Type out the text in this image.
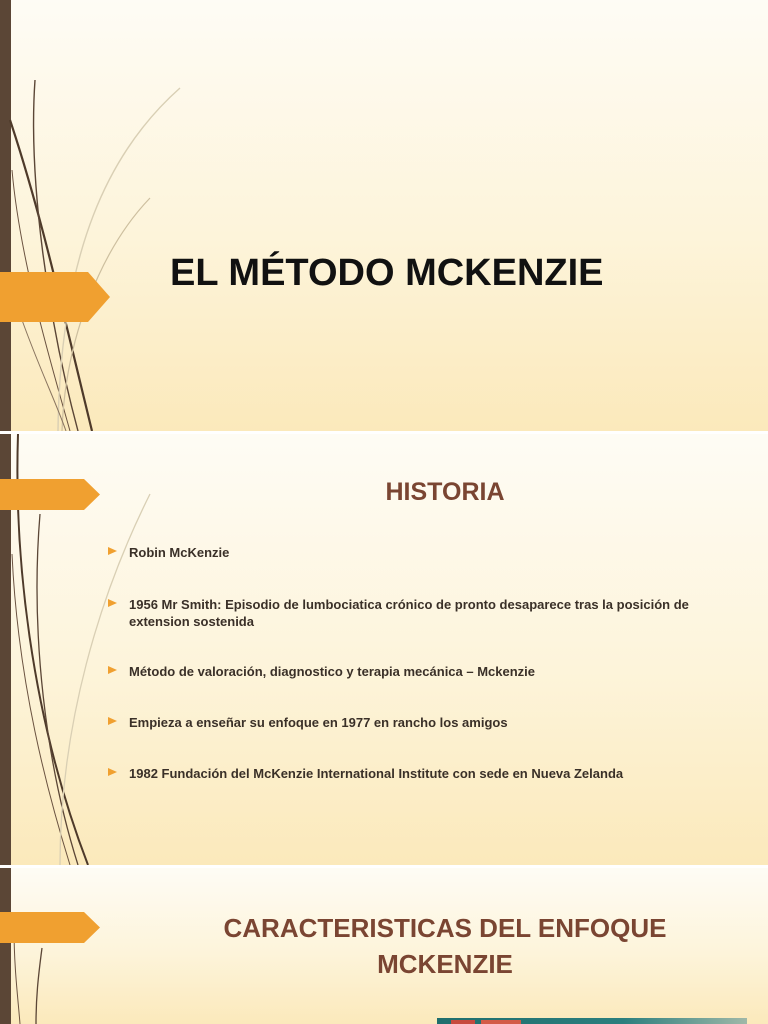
EL MÉTODO MCKENZIE
HISTORIA
Robin McKenzie
1956 Mr Smith: Episodio de lumbociatica crónico de pronto desaparece tras la posición de extension sostenida
Método de valoración, diagnostico y terapia mecánica – Mckenzie
Empieza a enseñar su enfoque en 1977 en rancho los amigos
1982 Fundación del McKenzie International Institute con sede en Nueva Zelanda
CARACTERISTICAS DEL ENFOQUE
MCKENZIE
